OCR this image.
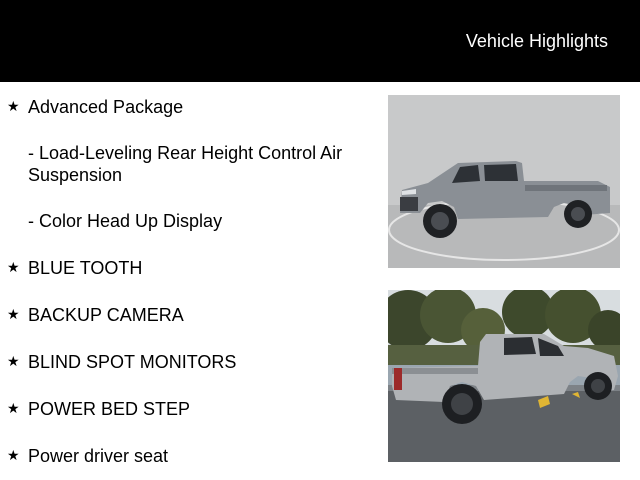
Vehicle Highlights
★ Advanced Package
- Load-Leveling Rear Height Control Air Suspension
- Color Head Up Display
★ BLUE TOOTH
★ BACKUP CAMERA
★ BLIND SPOT MONITORS
★ POWER BED STEP
★ Power driver seat
